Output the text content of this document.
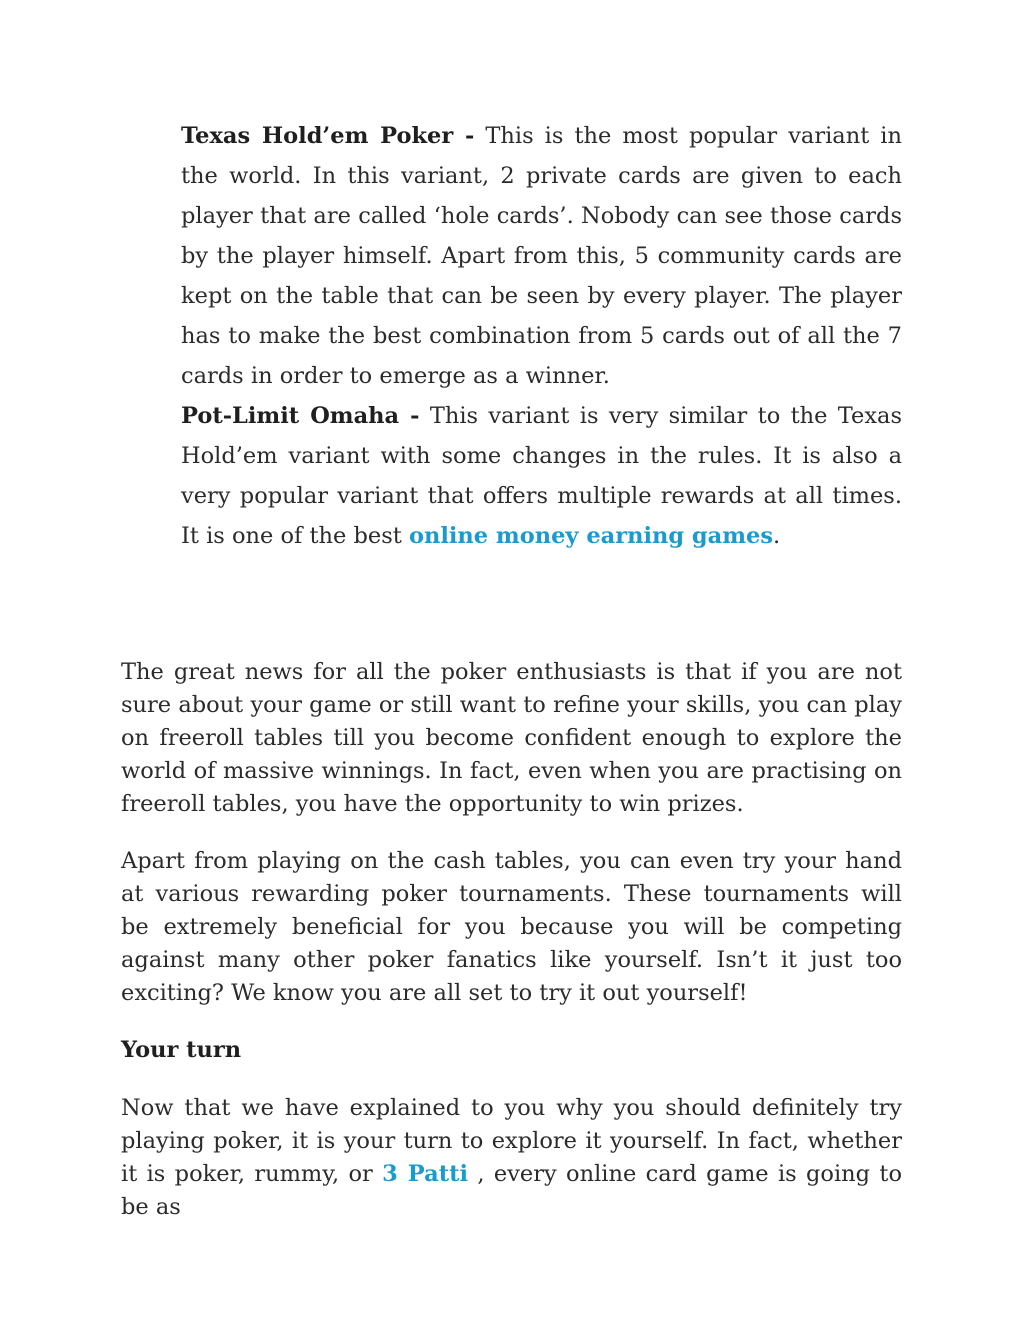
Texas Hold’em Poker - This is the most popular variant in the world. In this variant, 2 private cards are given to each player that are called ‘hole cards’. Nobody can see those cards by the player himself. Apart from this, 5 community cards are kept on the table that can be seen by every player. The player has to make the best combination from 5 cards out of all the 7 cards in order to emerge as a winner.

Pot-Limit Omaha - This variant is very similar to the Texas Hold’em variant with some changes in the rules. It is also a very popular variant that offers multiple rewards at all times. It is one of the best online money earning games.

The great news for all the poker enthusiasts is that if you are not sure about your game or still want to refine your skills, you can play on freeroll tables till you become confident enough to explore the world of massive winnings. In fact, even when you are practising on freeroll tables, you have the opportunity to win prizes.

Apart from playing on the cash tables, you can even try your hand at various rewarding poker tournaments. These tournaments will be extremely beneficial for you because you will be competing against many other poker fanatics like yourself. Isn’t it just too exciting? We know you are all set to try it out yourself!

Your turn

Now that we have explained to you why you should definitely try playing poker, it is your turn to explore it yourself. In fact, whether it is poker, rummy, or 3 Patti , every online card game is going to be as
